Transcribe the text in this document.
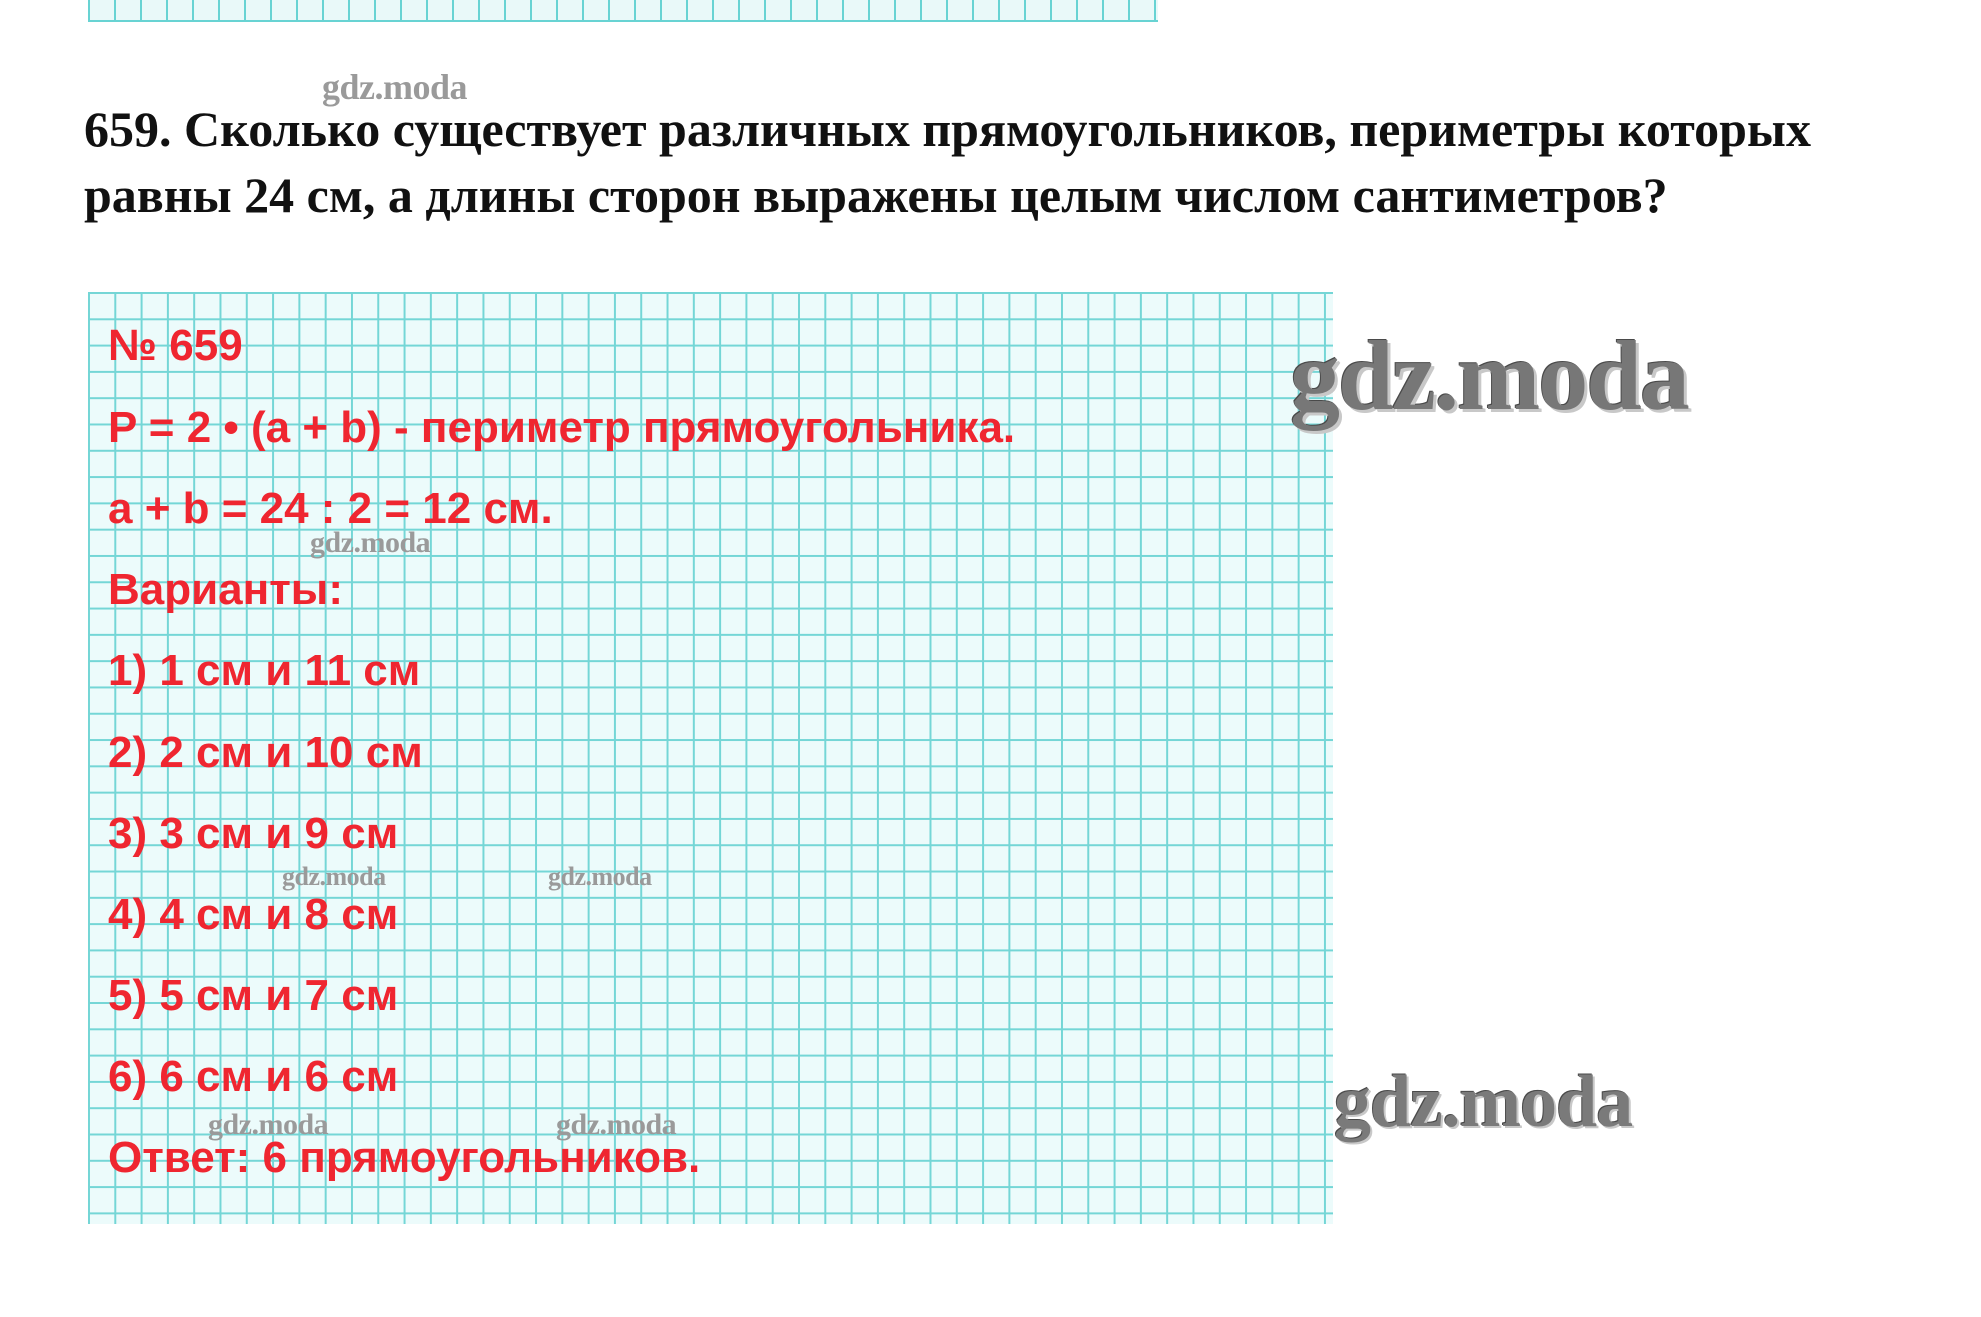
659. Сколько существует различных прямоугольников, периметры которых равны 24 см, а длины сторон выражены целым числом сантиметров?

№ 659

P = 2 • (a + b) - периметр прямоугольника.

a + b = 24 : 2 = 12 см.

Варианты:

1) 1 см и 11 см

2) 2 см и 10 см

3) 3 см и 9 см

4) 4 см и 8 см

5) 5 см и 7 см

6) 6 см и 6 см

Ответ: 6 прямоугольников.

gdz.moda
gdz.moda
gdz.moda
gdz.moda	gdz.moda
gdz.moda
gdz.moda	gdz.moda
